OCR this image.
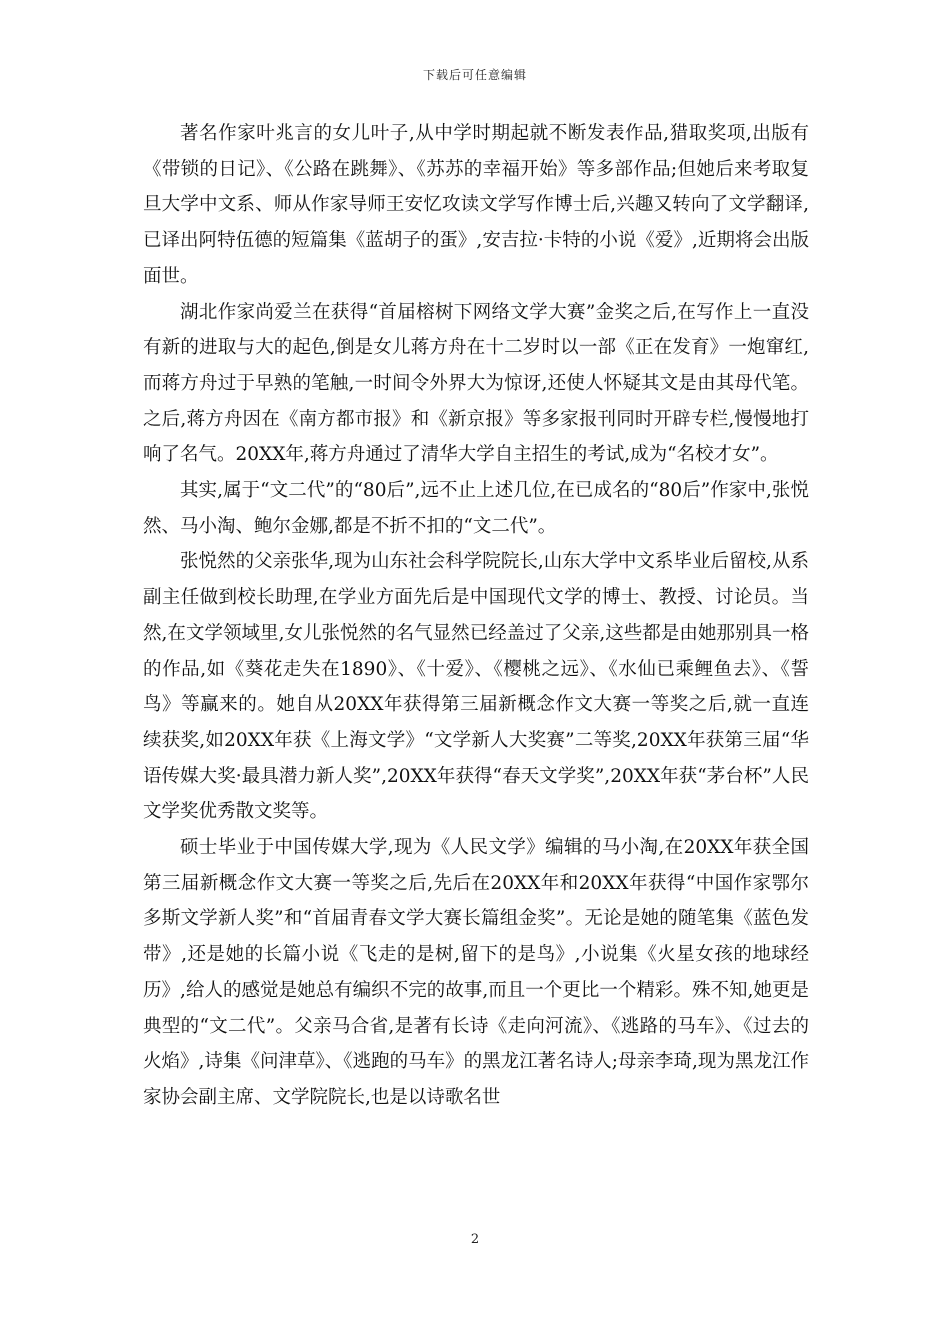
下载后可任意编辑

著名作家叶兆言的女儿叶子,从中学时期起就不断发表作品,猎取奖项,出版有《带锁的日记》、《公路在跳舞》、《苏苏的幸福开始》等多部作品;但她后来考取复旦大学中文系、师从作家导师王安忆攻读文学写作博士后,兴趣又转向了文学翻译,已译出阿特伍德的短篇集《蓝胡子的蛋》,安吉拉·卡特的小说《爱》,近期将会出版面世。

湖北作家尚爱兰在获得“首届榕树下网络文学大赛”金奖之后,在写作上一直没有新的进取与大的起色,倒是女儿蒋方舟在十二岁时以一部《正在发育》一炮窜红,而蒋方舟过于早熟的笔触,一时间令外界大为惊讶,还使人怀疑其文是由其母代笔。之后,蒋方舟因在《南方都市报》和《新京报》等多家报刊同时开辟专栏,慢慢地打响了名气。20XX年,蒋方舟通过了清华大学自主招生的考试,成为“名校才女”。

其实,属于“文二代”的“80后”,远不止上述几位,在已成名的“80后”作家中,张悦然、马小淘、鲍尔金娜,都是不折不扣的“文二代”。

张悦然的父亲张华,现为山东社会科学院院长,山东大学中文系毕业后留校,从系副主任做到校长助理,在学业方面先后是中国现代文学的博士、教授、讨论员。当然,在文学领域里,女儿张悦然的名气显然已经盖过了父亲,这些都是由她那别具一格的作品,如《葵花走失在1890》、《十爱》、《樱桃之远》、《水仙已乘鲤鱼去》、《誓鸟》等赢来的。她自从20XX年获得第三届新概念作文大赛一等奖之后,就一直连续获奖,如20XX年获《上海文学》“文学新人大奖赛”二等奖,20XX年获第三届“华语传媒大奖·最具潜力新人奖”,20XX年获得“春天文学奖”,20XX年获“茅台杯”人民文学奖优秀散文奖等。

硕士毕业于中国传媒大学,现为《人民文学》编辑的马小淘,在20XX年获全国第三届新概念作文大赛一等奖之后,先后在20XX年和20XX年获得“中国作家鄂尔多斯文学新人奖”和“首届青春文学大赛长篇组金奖”。无论是她的随笔集《蓝色发带》,还是她的长篇小说《飞走的是树,留下的是鸟》,小说集《火星女孩的地球经历》,给人的感觉是她总有编织不完的故事,而且一个更比一个精彩。殊不知,她更是典型的“文二代”。父亲马合省,是著有长诗《走向河流》、《逃路的马车》、《过去的火焰》,诗集《问津草》、《逃跑的马车》的黑龙江著名诗人;母亲李琦,现为黑龙江作家协会副主席、文学院院长,也是以诗歌名世

2
